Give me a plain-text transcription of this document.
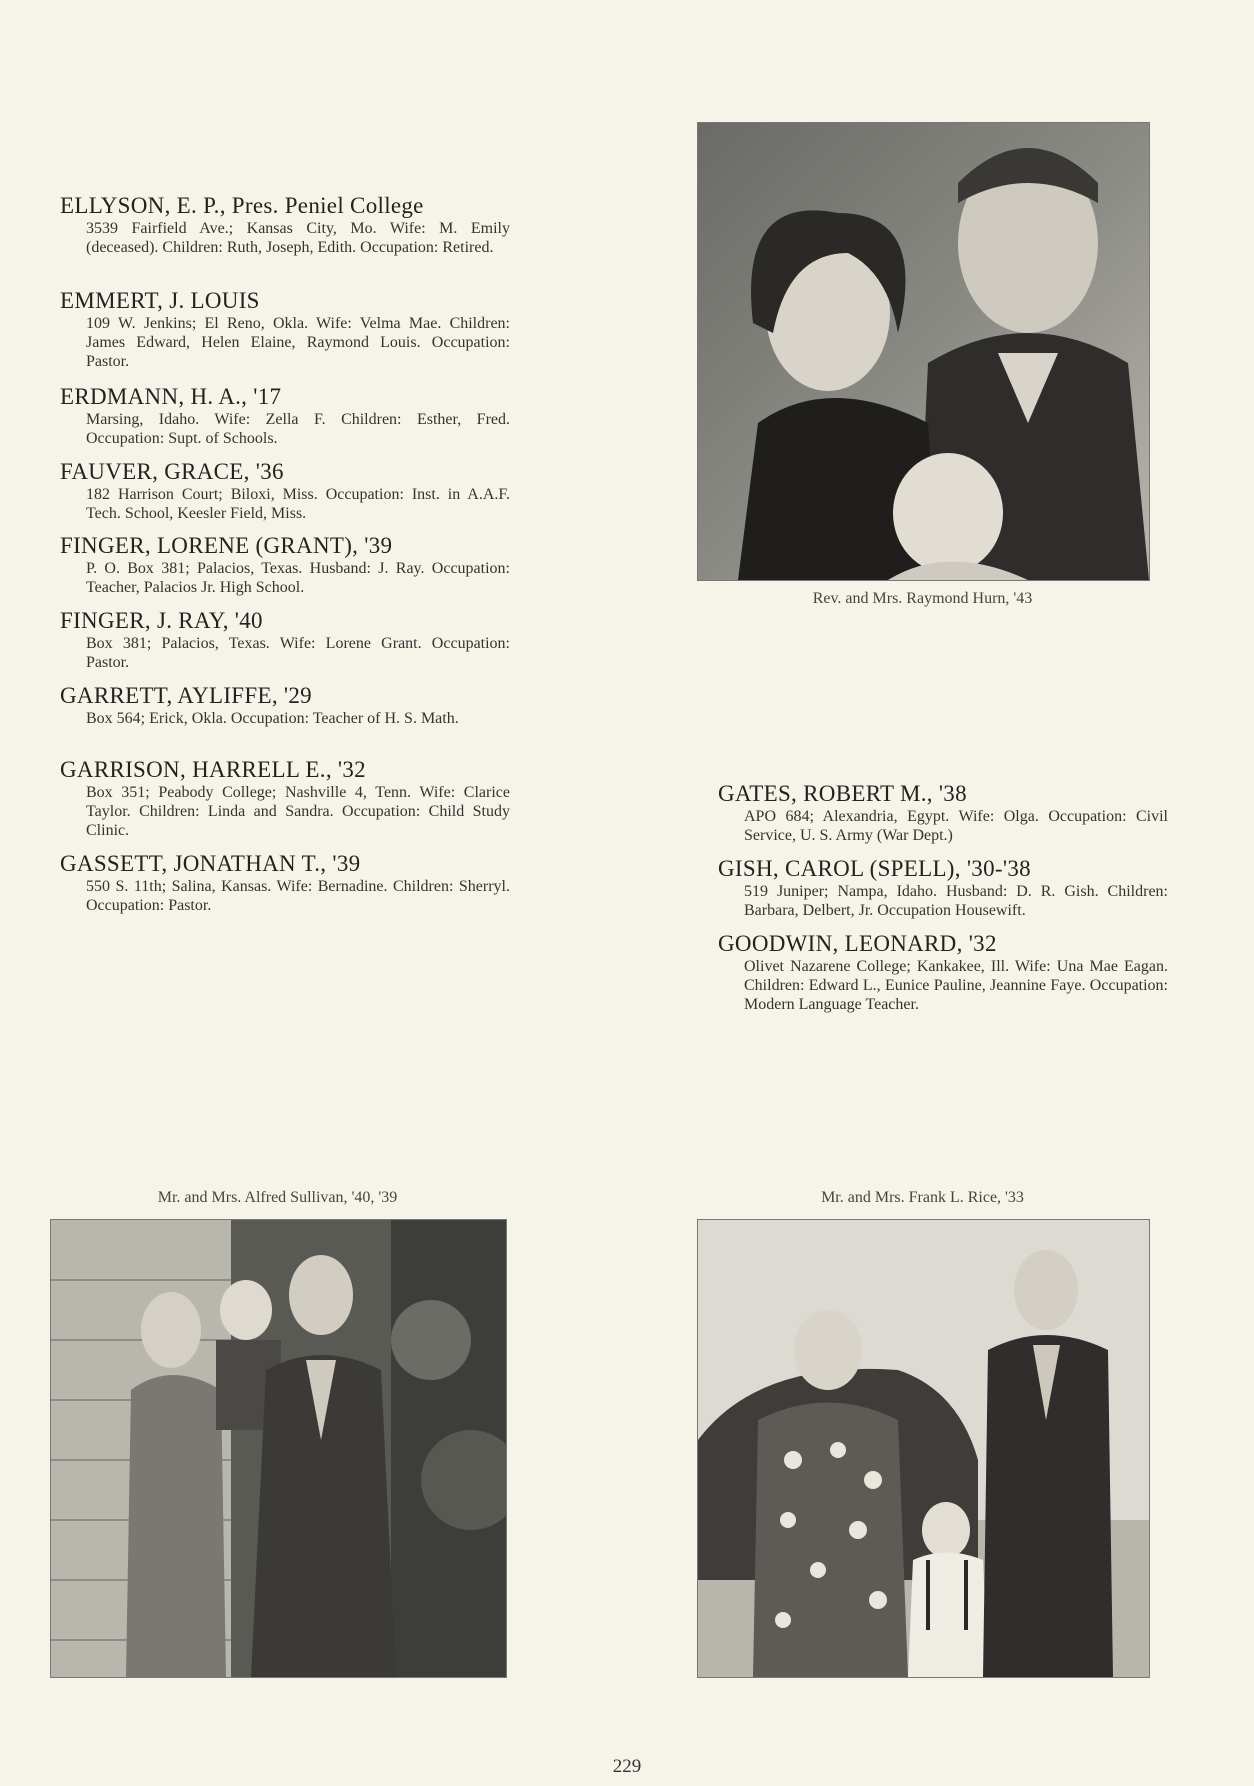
ELLYSON, E. P., Pres. Peniel College
3539 Fairfield Ave.; Kansas City, Mo. Wife: M. Emily (deceased). Children: Ruth, Joseph, Edith. Occupation: Retired.
EMMERT, J. LOUIS
109 W. Jenkins; El Reno, Okla. Wife: Velma Mae. Children: James Edward, Helen Elaine, Raymond Louis. Occupation: Pastor.
ERDMANN, H. A., '17
Marsing, Idaho. Wife: Zella F. Children: Esther, Fred. Occupation: Supt. of Schools.
FAUVER, GRACE, '36
182 Harrison Court; Biloxi, Miss. Occupation: Inst. in A.A.F. Tech. School, Keesler Field, Miss.
FINGER, LORENE (GRANT), '39
P. O. Box 381; Palacios, Texas. Husband: J. Ray. Occupation: Teacher, Palacios Jr. High School.
FINGER, J. RAY, '40
Box 381; Palacios, Texas. Wife: Lorene Grant. Occupation: Pastor.
GARRETT, AYLIFFE, '29
Box 564; Erick, Okla. Occupation: Teacher of H. S. Math.
GARRISON, HARRELL E., '32
Box 351; Peabody College; Nashville 4, Tenn. Wife: Clarice Taylor. Children: Linda and Sandra. Occupation: Child Study Clinic.
GASSETT, JONATHAN T., '39
550 S. 11th; Salina, Kansas. Wife: Bernadine. Children: Sherryl. Occupation: Pastor.
GATES, ROBERT M., '38
APO 684; Alexandria, Egypt. Wife: Olga. Occupation: Civil Service, U. S. Army (War Dept.)
GISH, CAROL (SPELL), '30-'38
519 Juniper; Nampa, Idaho. Husband: D. R. Gish. Children: Barbara, Delbert, Jr. Occupation Housewift.
GOODWIN, LEONARD, '32
Olivet Nazarene College; Kankakee, Ill. Wife: Una Mae Eagan. Children: Edward L., Eunice Pauline, Jeannine Faye. Occupation: Modern Language Teacher.
Rev. and Mrs. Raymond Hurn, '43
Mr. and Mrs. Alfred Sullivan, '40, '39	Mr. and Mrs. Frank L. Rice, '33
229
